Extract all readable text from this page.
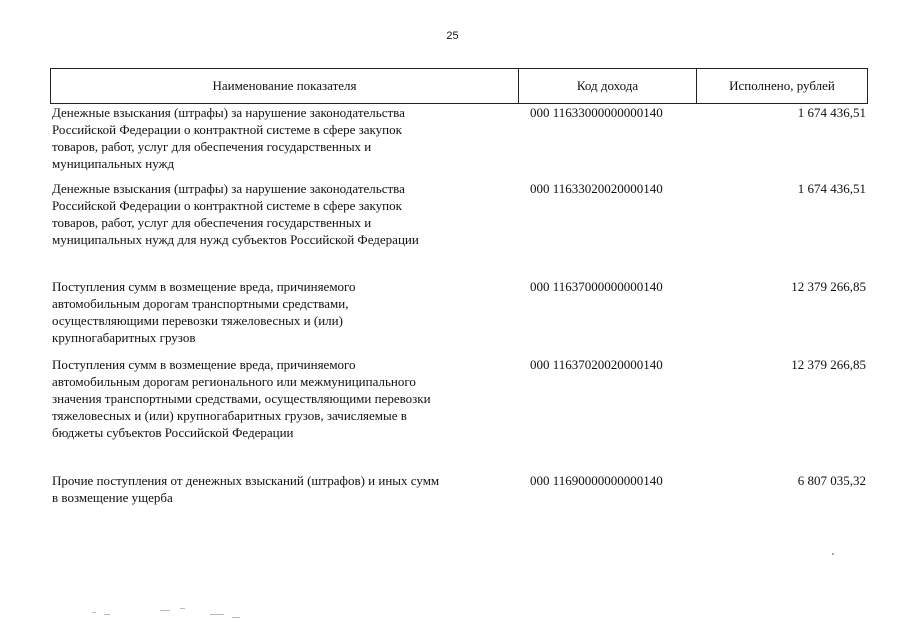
25
Наименование показателя	Код дохода	Исполнено, рублей
Денежные взыскания (штрафы) за нарушение законодательства
Российской Федерации о контрактной системе в сфере закупок
товаров, работ, услуг для обеспечения государственных и
муниципальных нужд
000 11633000000000140	1 674 436,51
Денежные взыскания (штрафы) за нарушение законодательства
Российской Федерации о контрактной системе в сфере закупок
товаров, работ, услуг для обеспечения государственных и
муниципальных нужд для нужд субъектов Российской Федерации
000 11633020020000140	1 674 436,51
Поступления сумм в возмещение вреда, причиняемого
автомобильным дорогам транспортными средствами,
осуществляющими перевозки тяжеловесных и (или)
крупногабаритных грузов
000 11637000000000140	12 379 266,85
Поступления сумм в возмещение вреда, причиняемого
автомобильным дорогам регионального или межмуниципального
значения транспортными средствами, осуществляющими перевозки
тяжеловесных и (или) крупногабаритных грузов, зачисляемые в
бюджеты субъектов Российской Федерации
000 11637020020000140	12 379 266,85
Прочие поступления от денежных взысканий (штрафов) и иных сумм
в возмещение ущерба
000 11690000000000140	6 807 035,32
